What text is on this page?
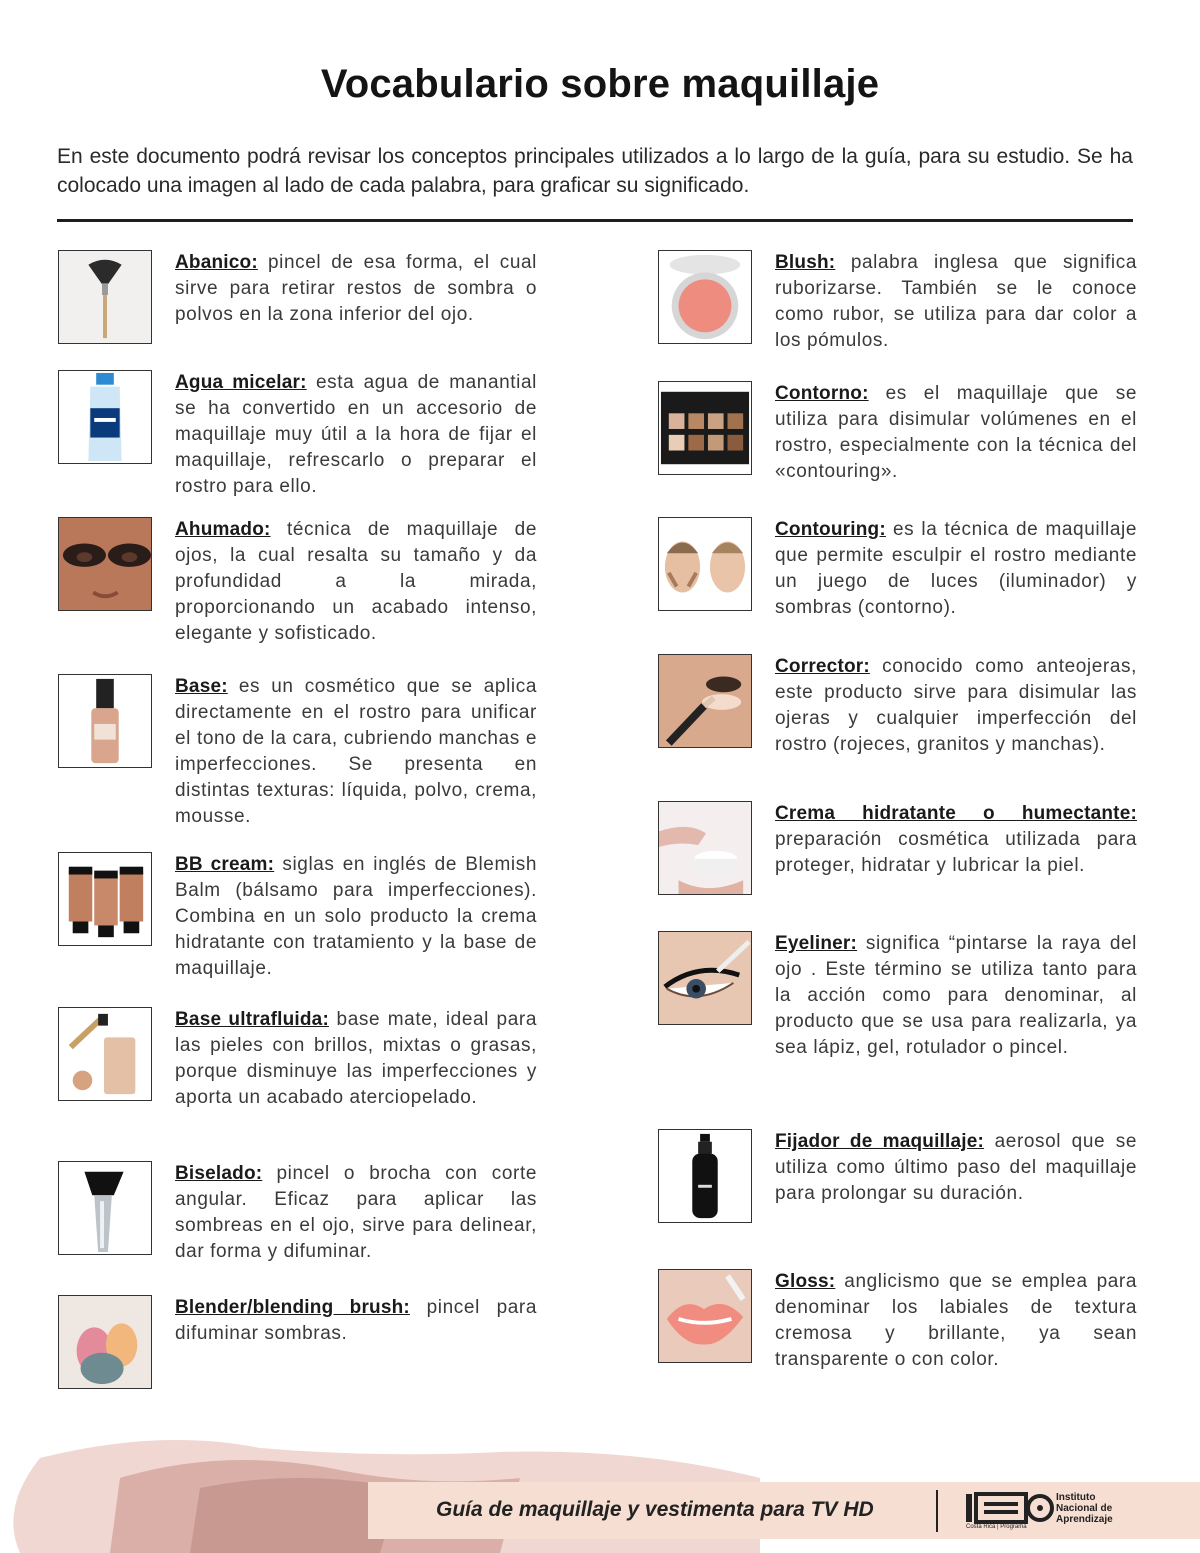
Vocabulario sobre maquillaje
En este documento podrá revisar los conceptos principales utilizados a lo largo de la guía, para su estudio. Se ha colocado una imagen al lado de cada palabra, para graficar su significado.
Abanico: pincel de esa forma, el cual sirve para retirar restos de sombra o polvos en la zona inferior del ojo.
Agua micelar: esta agua de manantial se ha convertido en un accesorio de maquillaje muy útil a la hora de fijar el maquillaje, refrescarlo o preparar el rostro para ello.
Ahumado: técnica de maquillaje de ojos, la cual resalta su tamaño y da profundidad a la mirada, proporcionando un acabado intenso, elegante y sofisticado.
Base: es un cosmético que se aplica directamente en el rostro para unificar el tono de la cara, cubriendo manchas e imperfecciones. Se presenta en distintas texturas: líquida, polvo, crema, mousse.
BB cream: siglas en inglés de Blemish Balm (bálsamo para imperfecciones). Combina en un solo producto la crema hidratante con tratamiento y la base de maquillaje.
Base ultrafluida: base mate, ideal para las pieles con brillos, mixtas o grasas, porque disminuye las imperfecciones y aporta un acabado aterciopelado.
Biselado: pincel o brocha con corte angular. Eficaz para aplicar las sombreas en el ojo, sirve para delinear, dar forma y difuminar.
Blender/blending brush: pincel para difuminar sombras.
Blush: palabra inglesa que significa ruborizarse. También se le conoce como rubor, se utiliza para dar color a los pómulos.
Contorno: es el maquillaje que se utiliza para disimular volúmenes en el rostro, especialmente con la técnica del «contouring».
Contouring: es la técnica de maquillaje que permite esculpir el rostro mediante un juego de luces (iluminador) y sombras (contorno).
Corrector: conocido como anteojeras, este producto sirve para disimular las ojeras y cualquier imperfección del rostro (rojeces, granitos y manchas).
Crema hidratante o humectante: preparación cosmética utilizada para proteger, hidratar y lubricar la piel.
Eyeliner: significa “pintarse la raya del ojo . Este término se utiliza tanto para la acción como para denominar, al producto que se usa para realizarla, ya sea lápiz, gel, rotulador o pincel.
Fijador de maquillaje: aerosol que se utiliza como último paso del maquillaje para prolongar su duración.
Gloss: anglicismo que se emplea para denominar los labiales de textura cremosa y brillante, ya sean transparente o con color.
Guía de maquillaje y vestimenta para TV HD
Costa Rica | Programa
Instituto
Nacional de
Aprendizaje
